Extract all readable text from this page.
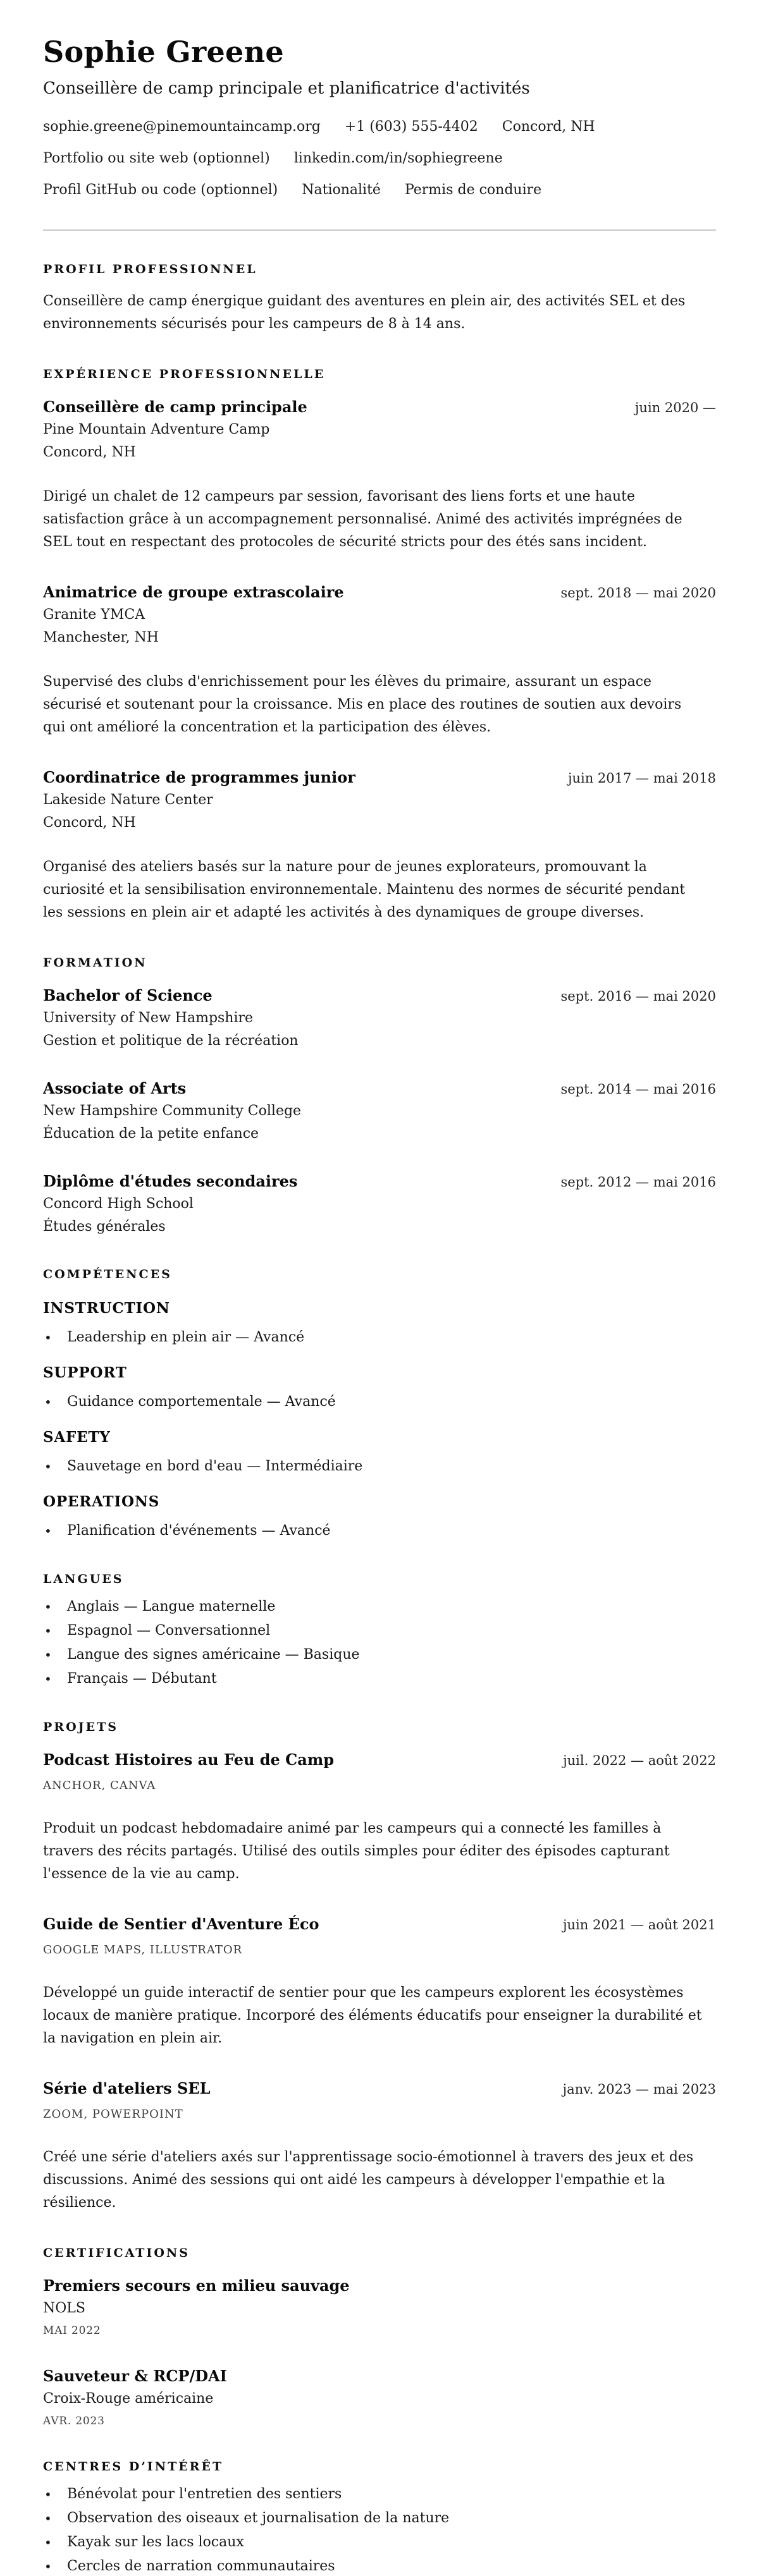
Sophie Greene
Conseillère de camp principale et planificatrice d'activités
sophie.greene@pinemountaincamp.org +1 (603) 555-4402 Concord, NH
Portfolio ou site web (optionnel) linkedin.com/in/sophiegreene
Profil GitHub ou code (optionnel) Nationalité Permis de conduire
PROFIL PROFESSIONNEL

Conseillère de camp énergique guidant des aventures en plein air, des activités SEL et des environnements sécurisés pour les campeurs de 8 à 14 ans.

EXPÉRIENCE PROFESSIONNELLE
Conseillère de camp principale	juin 2020 —
Pine Mountain Adventure Camp
Concord, NH

Dirigé un chalet de 12 campeurs par session, favorisant des liens forts et une haute satisfaction grâce à un accompagnement personnalisé. Animé des activités imprégnées de SEL tout en respectant des protocoles de sécurité stricts pour des étés sans incident.

Animatrice de groupe extrascolaire	sept. 2018 — mai 2020
Granite YMCA
Manchester, NH

Supervisé des clubs d'enrichissement pour les élèves du primaire, assurant un espace sécurisé et soutenant pour la croissance. Mis en place des routines de soutien aux devoirs qui ont amélioré la concentration et la participation des élèves.

Coordinatrice de programmes junior	juin 2017 — mai 2018
Lakeside Nature Center
Concord, NH

Organisé des ateliers basés sur la nature pour de jeunes explorateurs, promouvant la curiosité et la sensibilisation environnementale. Maintenu des normes de sécurité pendant les sessions en plein air et adapté les activités à des dynamiques de groupe diverses.

FORMATION
Bachelor of Science	sept. 2016 — mai 2020
University of New Hampshire
Gestion et politique de la récréation
Associate of Arts	sept. 2014 — mai 2016
New Hampshire Community College
Éducation de la petite enfance
Diplôme d'études secondaires	sept. 2012 — mai 2016
Concord High School
Études générales
COMPÉTENCES
INSTRUCTION
• Leadership en plein air — Avancé
SUPPORT
• Guidance comportementale — Avancé
SAFETY
• Sauvetage en bord d'eau — Intermédiaire
OPERATIONS
• Planification d'événements — Avancé
LANGUES
• Anglais — Langue maternelle
• Espagnol — Conversationnel
• Langue des signes américaine — Basique
• Français — Débutant
PROJETS
Podcast Histoires au Feu de Camp	juil. 2022 — août 2022
ANCHOR, CANVA

Produit un podcast hebdomadaire animé par les campeurs qui a connecté les familles à travers des récits partagés. Utilisé des outils simples pour éditer des épisodes capturant l'essence de la vie au camp.

Guide de Sentier d'Aventure Éco	juin 2021 — août 2021
GOOGLE MAPS, ILLUSTRATOR

Développé un guide interactif de sentier pour que les campeurs explorent les écosystèmes locaux de manière pratique. Incorporé des éléments éducatifs pour enseigner la durabilité et la navigation en plein air.

Série d'ateliers SEL	janv. 2023 — mai 2023
ZOOM, POWERPOINT

Créé une série d'ateliers axés sur l'apprentissage socio-émotionnel à travers des jeux et des discussions. Animé des sessions qui ont aidé les campeurs à développer l'empathie et la résilience.

CERTIFICATIONS
Premiers secours en milieu sauvage
NOLS
MAI 2022
Sauveteur & RCP/DAI
Croix-Rouge américaine
AVR. 2023
CENTRES D’INTÉRÊT
• Bénévolat pour l'entretien des sentiers
• Observation des oiseaux et journalisation de la nature
• Kayak sur les lacs locaux
• Cercles de narration communautaires
